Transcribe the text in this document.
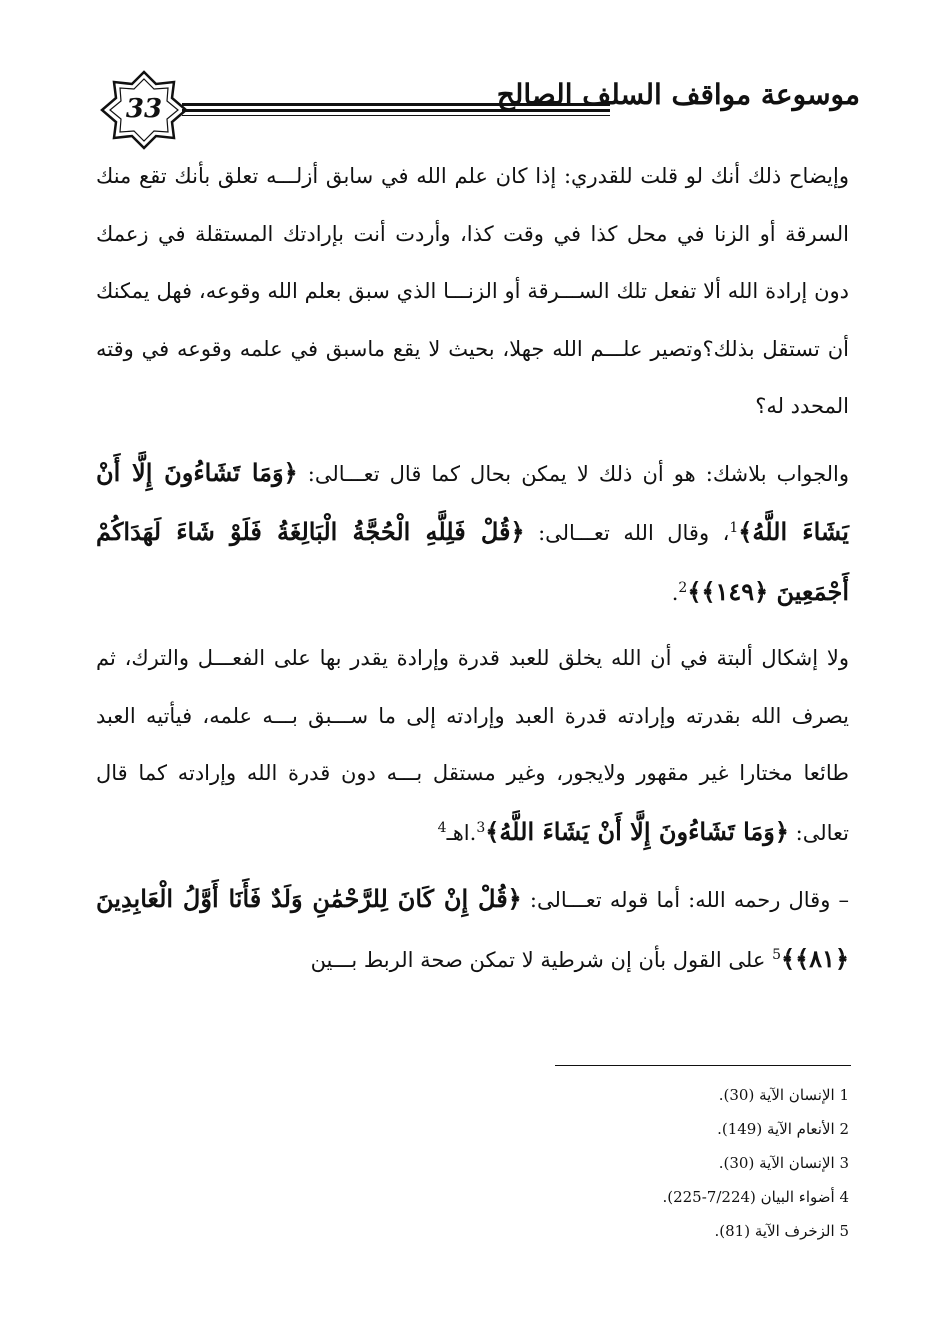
33	موسوعة مواقف السلف الصالح

وإيضاح ذلك أنك لو قلت للقدري: إذا كان علم الله في سابق أزلـــه تعلق بأنك تقع منك السرقة أو الزنا في محل كذا في وقت كذا، وأردت أنت بإرادتك المستقلة في زعمك دون إرادة الله ألا تفعل تلك الســـرقة أو الزنـــا الذي سبق بعلم الله وقوعه، فهل يمكنك أن تستقل بذلك؟وتصير علـــم الله جهلا، بحيث لا يقع ماسبق في علمه وقوعه في وقته المحدد له؟

والجواب بلاشك: هو أن ذلك لا يمكن بحال كما قال تعـــالى: ﴿وَمَا تَشَاءُونَ إِلَّا أَنْ يَشَاءَ اللَّهُ﴾$^1$، وقال الله تعـــالى: ﴿قُلْ فَلِلَّهِ الْحُجَّةُ الْبَالِغَةُ فَلَوْ شَاءَ لَهَدَاكُمْ أَجْمَعِينَ ﴿١٤٩﴾﴾$^2$.

ولا إشكال ألبتة في أن الله يخلق للعبد قدرة وإرادة يقدر بها على الفعـــل والترك، ثم يصرف الله بقدرته وإرادته قدرة العبد وإرادته إلى ما ســـبق بـــه علمه، فيأتيه العبد طائعا مختارا غير مقهور ولايجور، وغير مستقل بـــه دون قدرة الله وإرادته كما قال تعالى: ﴿وَمَا تَشَاءُونَ إِلَّا أَنْ يَشَاءَ اللَّهُ﴾$^3$.اهـ$^4$

– وقال رحمه الله: أما قوله تعـــالى: ﴿قُلْ إِنْ كَانَ لِلرَّحْمَٰنِ وَلَدٌ فَأَنَا أَوَّلُ الْعَابِدِينَ ﴿٨١﴾﴾$^5$ على القول بأن إن شرطية لا تمكن صحة الربط بـــين

1 الإنسان الآية (30).
2 الأنعام الآية (149).
3 الإنسان الآية (30).
4 أضواء البيان (7/224-225).
5 الزخرف الآية (81).
